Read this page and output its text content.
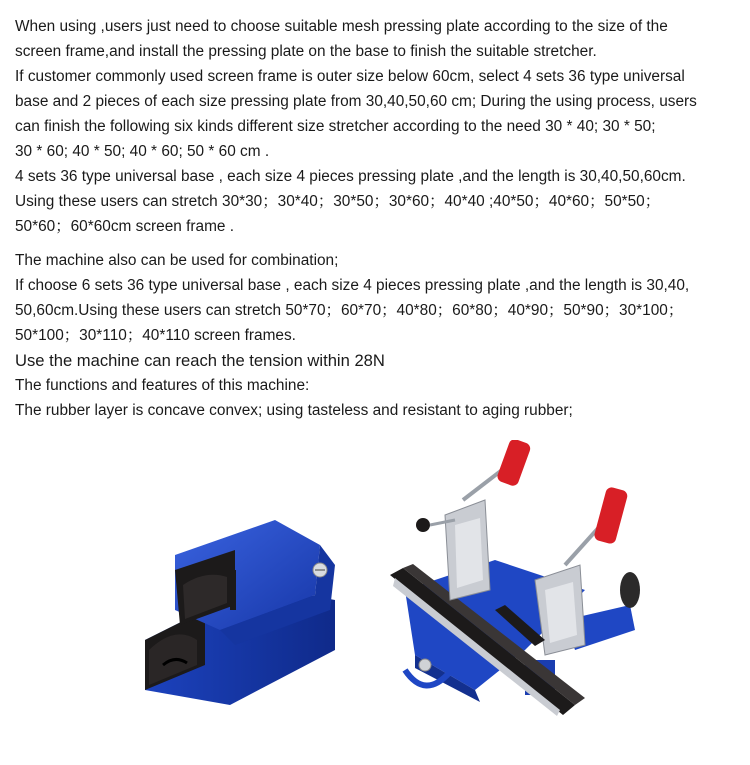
When using ,users just need to choose suitable mesh pressing plate according to the size of the
screen frame,and install the pressing plate on the base to finish the suitable stretcher.
If customer commonly used screen frame is outer size below 60cm, select 4 sets 36 type universal
base and 2 pieces of each size pressing plate from 30,40,50,60 cm; During the using process, users
can finish the following six kinds different size stretcher according to the need 30 * 40; 30 * 50;
30 * 60; 40 * 50; 40 * 60; 50 * 60 cm .
4 sets 36 type universal base , each size 4 pieces pressing plate ,and the length is 30,40,50,60cm.
Using these users can stretch 30*30；30*40；30*50；30*60；40*40 ;40*50；40*60；50*50；
50*60；60*60cm screen frame .
The machine also can be used for combination;
If choose 6 sets 36 type universal base , each size 4 pieces pressing plate ,and the length is 30,40,
50,60cm.Using these users can stretch 50*70；60*70；40*80；60*80；40*90；50*90；30*100；
50*100；30*110；40*110 screen frames.
Use the machine can reach the tension within 28N
The functions and features of this machine:
The rubber layer is concave convex; using tasteless and resistant to aging rubber;
